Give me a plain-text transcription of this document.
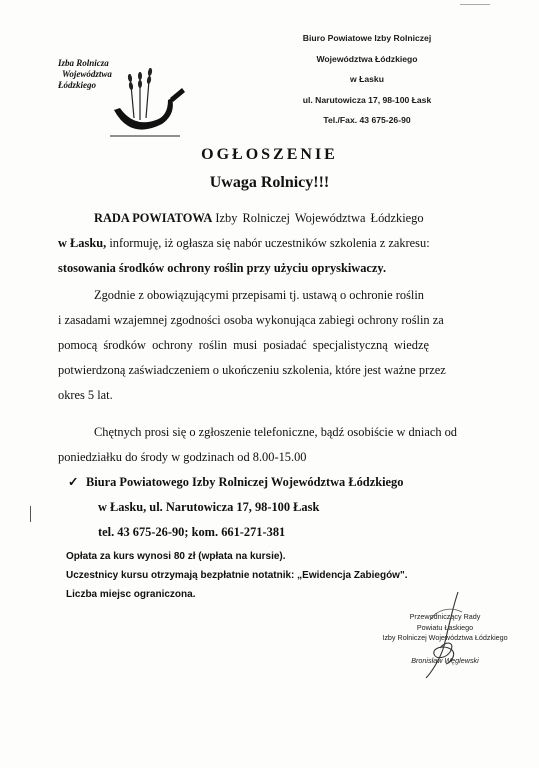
Izba Rolnicza
Województwa
Łódzkiego
Biuro Powiatowe Izby Rolniczej
Województwa Łódzkiego
w Łasku
ul. Narutowicza 17, 98-100 Łask
Tel./Fax. 43 675-26-90
OGŁOSZENIE
Uwaga Rolnicy!!!
RADA POWIATOWA Izby Rolniczej Województwa Łódzkiego
w Łasku, informuję, iż ogłasza się nabór uczestników szkolenia z zakresu:
stosowania środków ochrony roślin przy użyciu opryskiwaczy.
Zgodnie z obowiązującymi przepisami tj. ustawą o ochronie roślin
i zasadami wzajemnej zgodności osoba wykonująca zabiegi ochrony roślin za
pomocą środków ochrony roślin musi posiadać specjalistyczną wiedzę
potwierdzoną zaświadczeniem o ukończeniu szkolenia, które jest ważne przez
okres 5 lat.
Chętnych prosi się o zgłoszenie telefoniczne, bądź osobiście w dniach od
poniedziałku do środy w godzinach od 8.00-15.00
✓ Biura Powiatowego Izby Rolniczej Województwa Łódzkiego
w Łasku, ul. Narutowicza 17, 98-100 Łask
tel. 43 675-26-90; kom. 661-271-381
Opłata za kurs wynosi 80 zł (wpłata na kursie).
Uczestnicy kursu otrzymają bezpłatnie notatnik: „Ewidencja Zabiegów".
Liczba miejsc ograniczona.
Przewodniczący Rady
Powiatu Łaskiego
Izby Rolniczej Województwa Łódzkiego
Bronisław Węglewski
